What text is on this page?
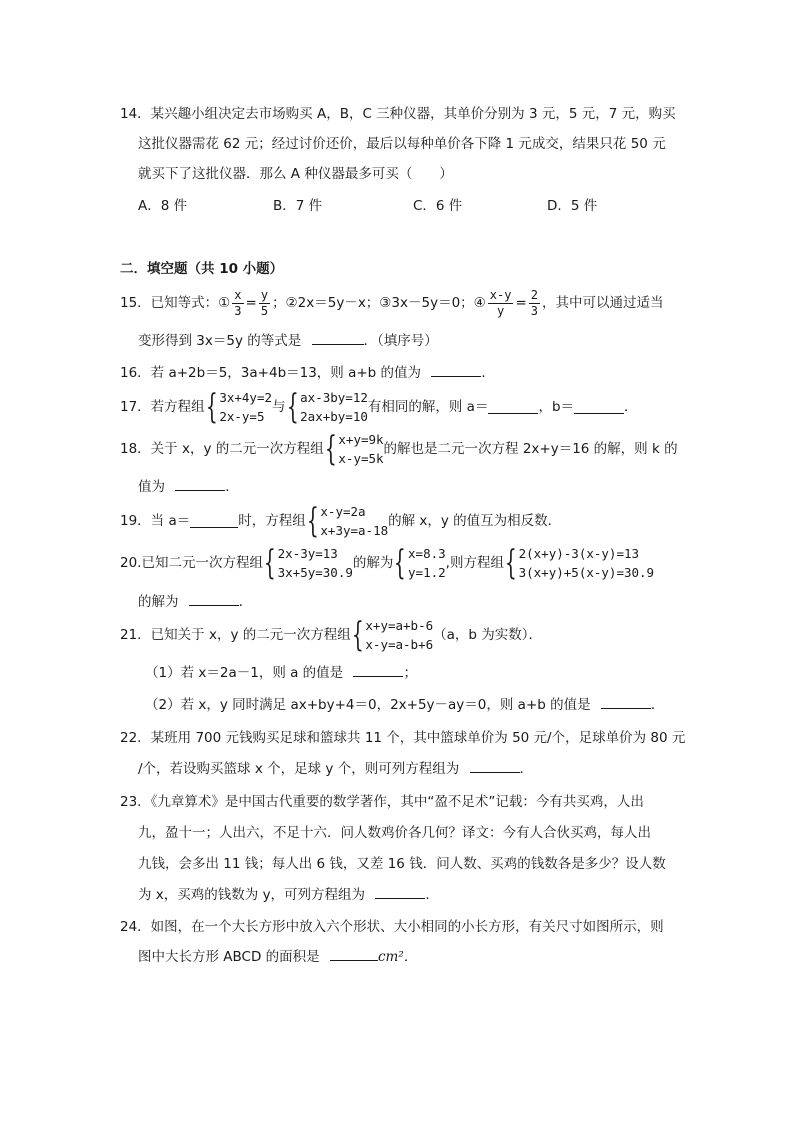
14．某兴趣小组决定去市场购买 A，B，C 三种仪器，其单价分别为 3 元，5 元，7 元，购买
这批仪器需花 62 元；经过讨价还价，最后以每种单价各下降 1 元成交，结果只花 50 元
就买下了这批仪器．那么 A 种仪器最多可买（　　）
A．8 件	B．7 件	C．6 件	D．5 件
二．填空题（共 10 小题）
15．已知等式：① $\frac{x}{3} = \frac{y}{5}$ ；②2x＝5y－x；③3x－5y＝0；④ $\frac{x-y}{y} = \frac{2}{3}$ ，其中可以通过适当
变形得到 3x＝5y 的等式是	．（填序号）
16．若 a+2b＝5，3a+4b＝13，则 a+b 的值为	．
17．若方程组 { 3x+4y=2
2x-y=5
与 { ax-3by=12
2ax+by=10
有相同的解，则 a＝	，b＝	．
18．关于 x，y 的二元一次方程组 { x+y=9k
x-y=5k
的解也是二元一次方程 2x+y＝16 的解，则 k 的
值为	．
19．当 a＝	时，方程组 { x-y=2a
x+3y=a-18
的解 x，y 的值互为相反数．
20.已知二元一次方程组 { 2x-3y=13
3x+5y=30.9
的解为 { x=8.3
y=1.2
,则方程组 { 2(x+y)-3(x-y)=13
3(x+y)+5(x-y)=30.9
的解为	．
21．已知关于 x，y 的二元一次方程组 { x+y=a+b-6
x-y=a-b+6
（a，b 为实数）．
（1）若 x＝2a－1，则 a 的值是	；
（2）若 x，y 同时满足 ax+by+4＝0，2x+5y－ay＝0，则 a+b 的值是	．
22．某班用 700 元钱购买足球和篮球共 11 个，其中篮球单价为 50 元/个，足球单价为 80 元
/个，若设购买篮球 x 个，足球 y 个，则可列方程组为	．
23．《九章算术》是中国古代重要的数学著作，其中“盈不足术”记载：今有共买鸡，人出
九，盈十一；人出六，不足十六．问人数鸡价各几何？译文：今有人合伙买鸡，每人出
九钱，会多出 11 钱；每人出 6 钱，又差 16 钱．问人数、买鸡的钱数各是多少？设人数
为 x，买鸡的钱数为 y，可列方程组为	．
24．如图，在一个大长方形中放入六个形状、大小相同的小长方形，有关尺寸如图所示，则
图中大长方形 ABCD 的面积是	cm²．
